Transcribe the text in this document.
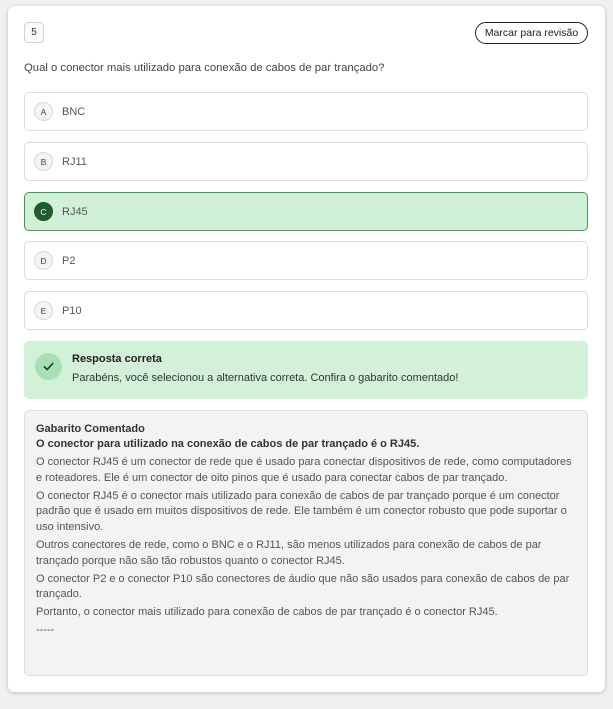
5	Marcar para revisão
Qual o conector mais utilizado para conexão de cabos de par trançado?
A	BNC
B	RJ11
C	RJ45
D	P2
E	P10
Resposta correta
Parabéns, você selecionou a alternativa correta. Confira o gabarito comentado!
Gabarito Comentado
O conector para utilizado na conexão de cabos de par trançado é o RJ45.

O conector RJ45 é um conector de rede que é usado para conectar dispositivos de rede, como computadores e roteadores. Ele é um conector de oito pinos que é usado para conectar cabos de par trançado.

O conector RJ45 é o conector mais utilizado para conexão de cabos de par trançado porque é um conector padrão que é usado em muitos dispositivos de rede. Ele também é um conector robusto que pode suportar o uso intensivo.

Outros conectores de rede, como o BNC e o RJ11, são menos utilizados para conexão de cabos de par trançado porque não são tão robustos quanto o conector RJ45.

O conector P2 e o conector P10 são conectores de áudio que não são usados para conexão de cabos de par trançado.

Portanto, o conector mais utilizado para conexão de cabos de par trançado é o conector RJ45.

-----
